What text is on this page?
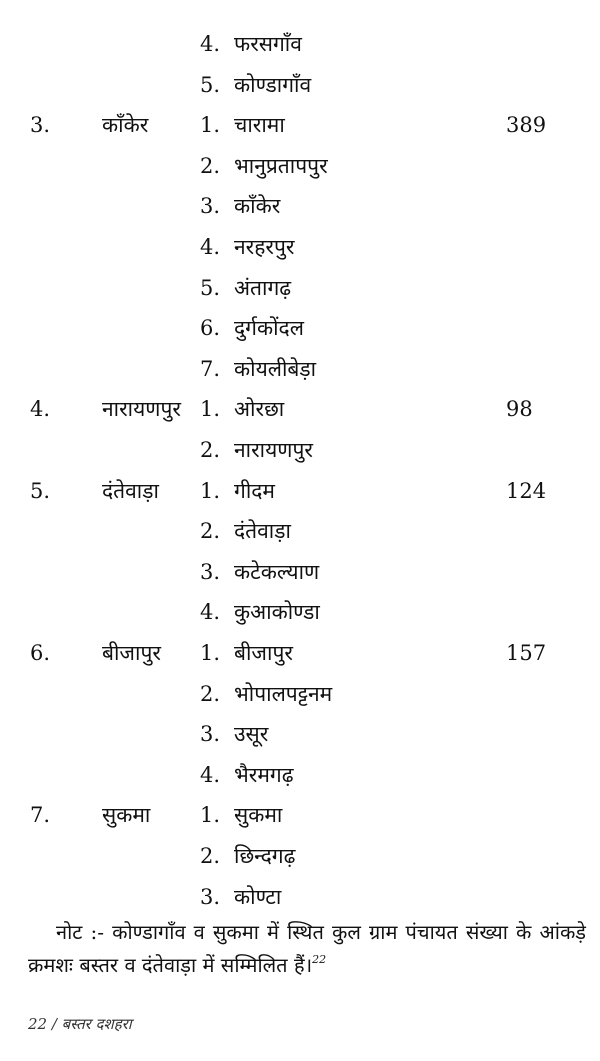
4. फरसगाँव
5. कोण्डागाँव
3. काँकेर 1. चारामा	389
2. भानुप्रतापपुर
3. काँकेर
4. नरहरपुर
5. अंतागढ़
6. दुर्गकोंदल
7. कोयलीबेड़ा
4. नारायणपुर 1. ओरछा	98
2. नारायणपुर
5. दंतेवाड़ा 1. गीदम	124
2. दंतेवाड़ा
3. कटेकल्याण
4. कुआकोण्डा
6. बीजापुर 1. बीजापुर	157
2. भोपालपट्टनम
3. उसूर
4. भैरमगढ़
7. सुकमा 1. सुकमा
2. छिन्दगढ़
3. कोण्टा
नोट :- कोण्डागाँव व सुकमा में स्थित कुल ग्राम पंचायत संख्या के आंकड़े क्रमशः बस्तर व दंतेवाड़ा में सम्मिलित हैं।$^{22}$
22 / बस्तर दशहरा
